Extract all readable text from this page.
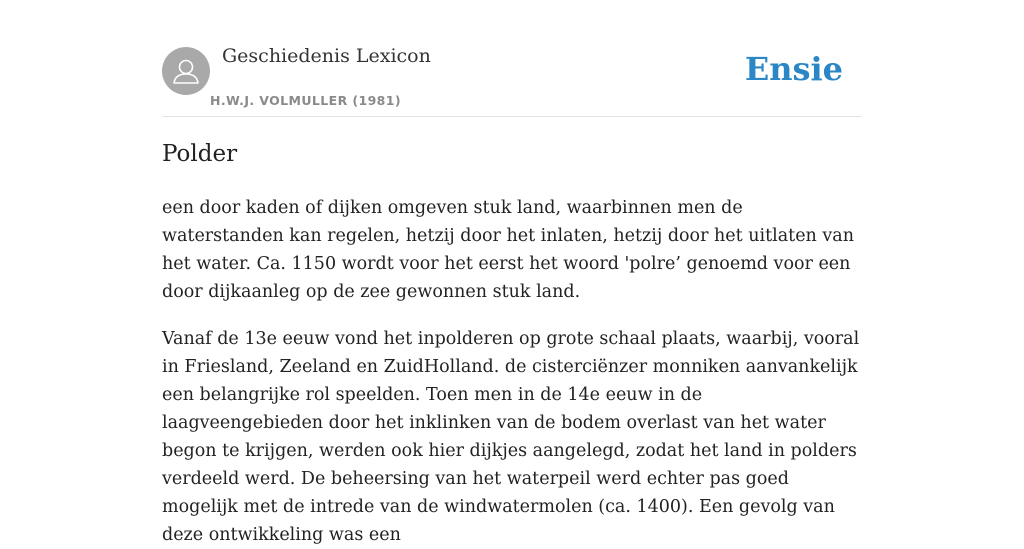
Geschiedenis Lexicon
H.W.J. VOLMULLER (1981)
Ensie
Polder

een door kaden of dijken omgeven stuk land, waarbinnen men de waterstanden kan regelen, hetzij door het inlaten, hetzij door het uitlaten van het water. Ca. 1150 wordt voor het eerst het woord 'polre’ genoemd voor een door dijkaanleg op de zee gewonnen stuk land.

Vanaf de 13e eeuw vond het inpolderen op grote schaal plaats, waarbij, vooral in Friesland, Zeeland en ZuidHolland. de cisterciënzer monniken aanvankelijk een belangrijke rol speelden. Toen men in de 14e eeuw in de laagveengebieden door het inklinken van de bodem overlast van het water begon te krijgen, werden ook hier dijkjes aangelegd, zodat het land in polders verdeeld werd. De beheersing van het waterpeil werd echter pas goed mogelijk met de intrede van de windwatermolen (ca. 1400). Een gevolg van deze ontwikkeling was een
